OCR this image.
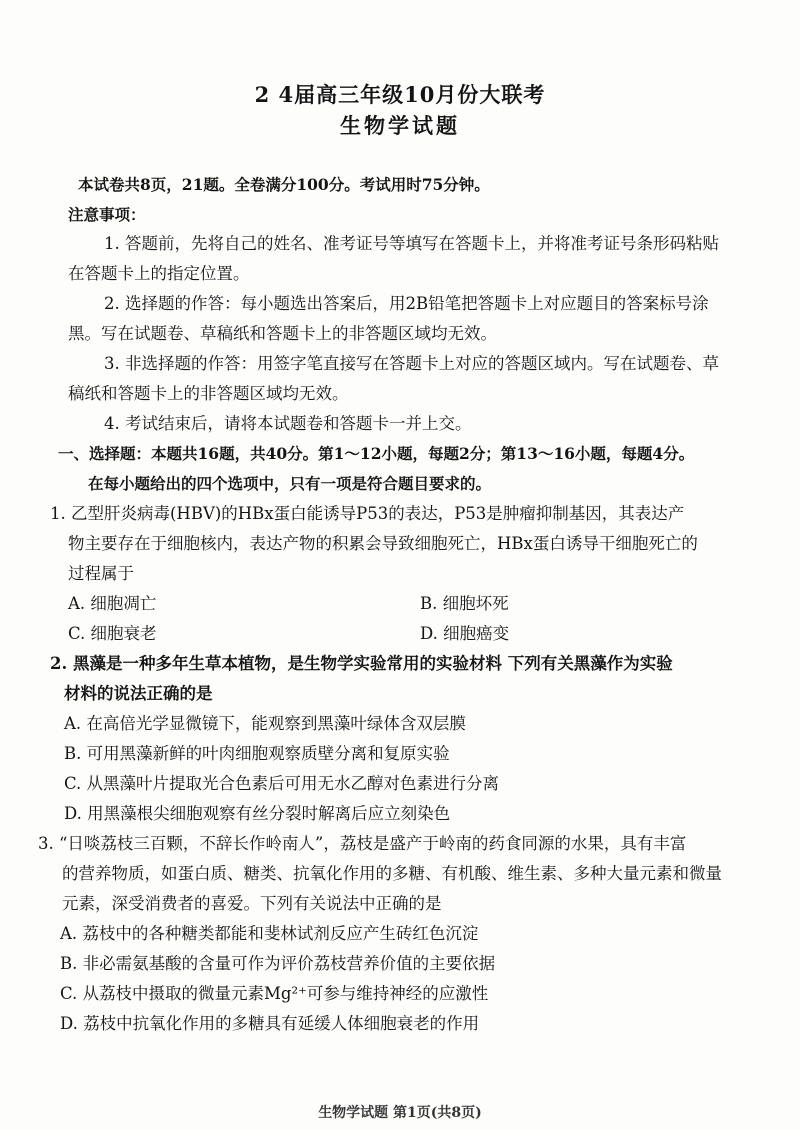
2 4届高三年级10月份大联考
生物学试题
本试卷共8页，21题。全卷满分100分。考试用时75分钟。
注意事项：
1. 答题前，先将自己的姓名、准考证号等填写在答题卡上，并将准考证号条形码粘贴
在答题卡上的指定位置。
2. 选择题的作答：每小题选出答案后，用2B铅笔把答题卡上对应题目的答案标号涂
黑。写在试题卷、草稿纸和答题卡上的非答题区域均无效。
3. 非选择题的作答：用签字笔直接写在答题卡上对应的答题区域内。写在试题卷、草
稿纸和答题卡上的非答题区域均无效。
4. 考试结束后，请将本试题卷和答题卡一并上交。
一、选择题：本题共16题，共40分。第1～12小题，每题2分；第13～16小题，每题4分。
在每小题给出的四个选项中，只有一项是符合题目要求的。
1. 乙型肝炎病毒(HBV)的HBx蛋白能诱导P53的表达，P53是肿瘤抑制基因，其表达产
物主要存在于细胞核内，表达产物的积累会导致细胞死亡，HBx蛋白诱导干细胞死亡的
过程属于
A. 细胞凋亡	B. 细胞坏死
C. 细胞衰老	D. 细胞癌变
2. 黑藻是一种多年生草本植物，是生物学实验常用的实验材料 下列有关黑藻作为实验
材料的说法正确的是
A. 在高倍光学显微镜下，能观察到黑藻叶绿体含双层膜
B. 可用黑藻新鲜的叶肉细胞观察质壁分离和复原实验
C. 从黑藻叶片提取光合色素后可用无水乙醇对色素进行分离
D. 用黑藻根尖细胞观察有丝分裂时解离后应立刻染色
3. “日啖荔枝三百颗，不辞长作岭南人”，荔枝是盛产于岭南的药食同源的水果，具有丰富
的营养物质，如蛋白质、糖类、抗氧化作用的多糖、有机酸、维生素、多种大量元素和微量
元素，深受消费者的喜爱。下列有关说法中正确的是
A. 荔枝中的各种糖类都能和斐林试剂反应产生砖红色沉淀
B. 非必需氨基酸的含量可作为评价荔枝营养价值的主要依据
C. 从荔枝中摄取的微量元素Mg²⁺可参与维持神经的应激性
D. 荔枝中抗氧化作用的多糖具有延缓人体细胞衰老的作用
生物学试题 第1页(共8页)
